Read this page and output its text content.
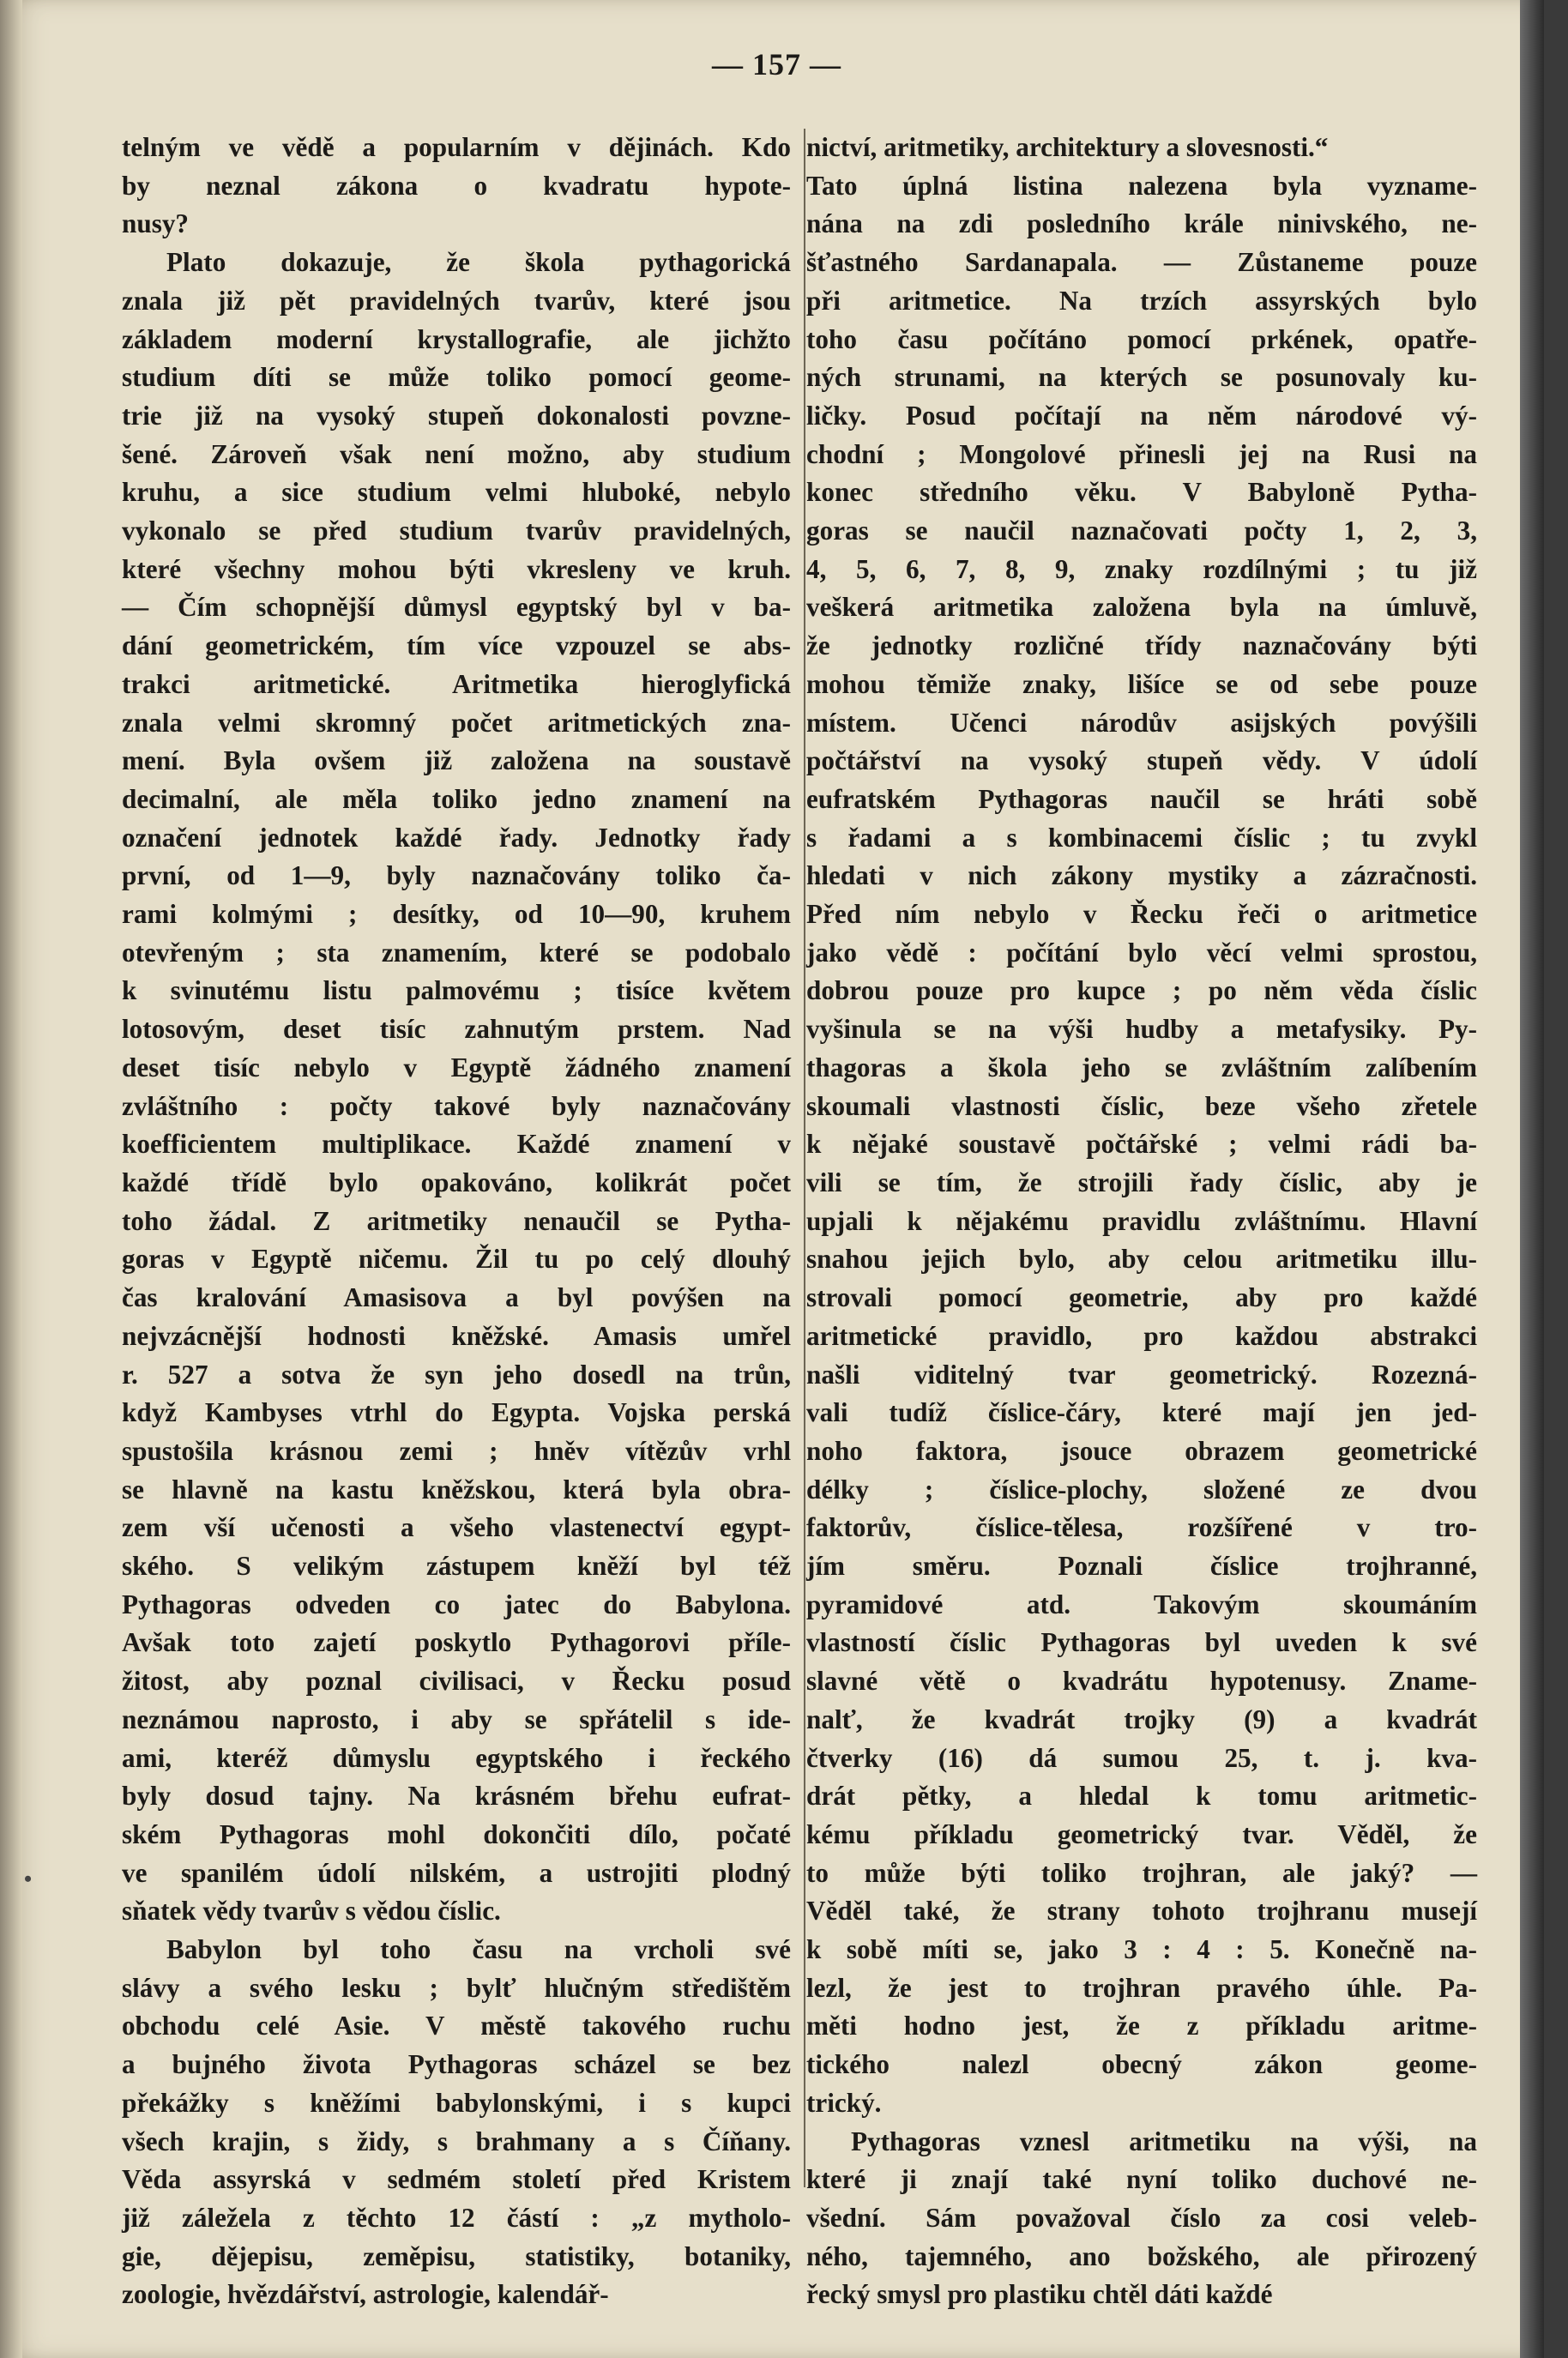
— 157 —
•
telným ve vědě a popularním v dějinách. Kdo
by neznal zákona o kvadratu hypote-
nusy?
Plato dokazuje, že škola pythagorická
znala již pět pravidelných tvarův, které jsou
základem moderní krystallografie, ale jichžto
studium díti se může toliko pomocí geome-
trie již na vysoký stupeň dokonalosti povzne-
šené. Zároveň však není možno, aby studium
kruhu, a sice studium velmi hluboké, nebylo
vykonalo se před studium tvarův pravidelných,
které všechny mohou býti vkresleny ve kruh.
— Čím schopnější důmysl egyptský byl v ba-
dání geometrickém, tím více vzpouzel se abs-
trakci aritmetické. Aritmetika hieroglyfická
znala velmi skromný počet aritmetických zna-
mení. Byla ovšem již založena na soustavě
decimalní, ale měla toliko jedno znamení na
označení jednotek každé řady. Jednotky řady
první, od 1—9, byly naznačovány toliko ča-
rami kolmými ; desítky, od 10—90, kruhem
otevřeným ; sta znamením, které se podobalo
k svinutému listu palmovému ; tisíce květem
lotosovým, deset tisíc zahnutým prstem. Nad
deset tisíc nebylo v Egyptě žádného znamení
zvláštního : počty takové byly naznačovány
koefficientem multiplikace. Každé znamení v
každé třídě bylo opakováno, kolikrát počet
toho žádal. Z aritmetiky nenaučil se Pytha-
goras v Egyptě ničemu. Žil tu po celý dlouhý
čas kralování Amasisova a byl povýšen na
nejvzácnější hodnosti kněžské. Amasis umřel
r. 527 a sotva že syn jeho dosedl na trůn,
když Kambyses vtrhl do Egypta. Vojska perská
spustošila krásnou zemi ; hněv vítězův vrhl
se hlavně na kastu kněžskou, která byla obra-
zem vší učenosti a všeho vlastenectví egypt-
ského. S velikým zástupem kněží byl též
Pythagoras odveden co jatec do Babylona.
Avšak toto zajetí poskytlo Pythagorovi příle-
žitost, aby poznal civilisaci, v Řecku posud
neznámou naprosto, i aby se spřátelil s ide-
ami, kteréž důmyslu egyptského i řeckého
byly dosud tajny. Na krásném břehu eufrat-
ském Pythagoras mohl dokončiti dílo, počaté
ve spanilém údolí nilském, a ustrojiti plodný
sňatek vědy tvarův s vědou číslic.
Babylon byl toho času na vrcholi své
slávy a svého lesku ; bylť hlučným středištěm
obchodu celé Asie. V městě takového ruchu
a bujného života Pythagoras scházel se bez
překážky s kněžími babylonskými, i s kupci
všech krajin, s židy, s brahmany a s Číňany.
Věda assyrská v sedmém století před Kristem
již záležela z těchto 12 částí : „z mytholo-
gie, dějepisu, zeměpisu, statistiky, botaniky,
zoologie, hvězdářství, astrologie, kalendář-
nictví, aritmetiky, architektury a slovesnosti.“
Tato úplná listina nalezena byla vyzname-
nána na zdi posledního krále ninivského, ne-
šťastného Sardanapala. — Zůstaneme pouze
při aritmetice. Na trzích assyrských bylo
toho času počítáno pomocí prkének, opatře-
ných strunami, na kterých se posunovaly ku-
ličky. Posud počítají na něm národové vý-
chodní ; Mongolové přinesli jej na Rusi na
konec středního věku. V Babyloně Pytha-
goras se naučil naznačovati počty 1, 2, 3,
4, 5, 6, 7, 8, 9, znaky rozdílnými ; tu již
veškerá aritmetika založena byla na úmluvě,
že jednotky rozličné třídy naznačovány býti
mohou těmiže znaky, lišíce se od sebe pouze
místem. Učenci národův asijských povýšili
počtářství na vysoký stupeň vědy. V údolí
eufratském Pythagoras naučil se hráti sobě
s řadami a s kombinacemi číslic ; tu zvykl
hledati v nich zákony mystiky a zázračnosti.
Před ním nebylo v Řecku řeči o aritmetice
jako vědě : počítání bylo věcí velmi sprostou,
dobrou pouze pro kupce ; po něm věda číslic
vyšinula se na výši hudby a metafysiky. Py-
thagoras a škola jeho se zvláštním zalíbením
skoumali vlastnosti číslic, beze všeho zřetele
k nějaké soustavě počtářské ; velmi rádi ba-
vili se tím, že strojili řady číslic, aby je
upjali k nějakému pravidlu zvláštnímu. Hlavní
snahou jejich bylo, aby celou aritmetiku illu-
strovali pomocí geometrie, aby pro každé
aritmetické pravidlo, pro každou abstrakci
našli viditelný tvar geometrický. Rozezná-
vali tudíž číslice-čáry, které mají jen jed-
noho faktora, jsouce obrazem geometrické
délky ; číslice-plochy, složené ze dvou
faktorův, číslice-tělesa, rozšířené v tro-
jím směru. Poznali číslice trojhranné,
pyramidové atd. Takovým skoumáním
vlastností číslic Pythagoras byl uveden k své
slavné větě o kvadrátu hypotenusy. Zname-
nalť, že kvadrát trojky (9) a kvadrát
čtverky (16) dá sumou 25, t. j. kva-
drát pětky, a hledal k tomu aritmetic-
kému příkladu geometrický tvar. Věděl, že
to může býti toliko trojhran, ale jaký? —
Věděl také, že strany tohoto trojhranu musejí
k sobě míti se, jako 3 : 4 : 5. Konečně na-
lezl, že jest to trojhran pravého úhle. Pa-
měti hodno jest, že z příkladu aritme-
tického nalezl obecný zákon geome-
trický.
Pythagoras vznesl aritmetiku na výši, na
které ji znají také nyní toliko duchové ne-
všední. Sám považoval číslo za cosi veleb-
ného, tajemného, ano božského, ale přirozený
řecký smysl pro plastiku chtěl dáti každé
